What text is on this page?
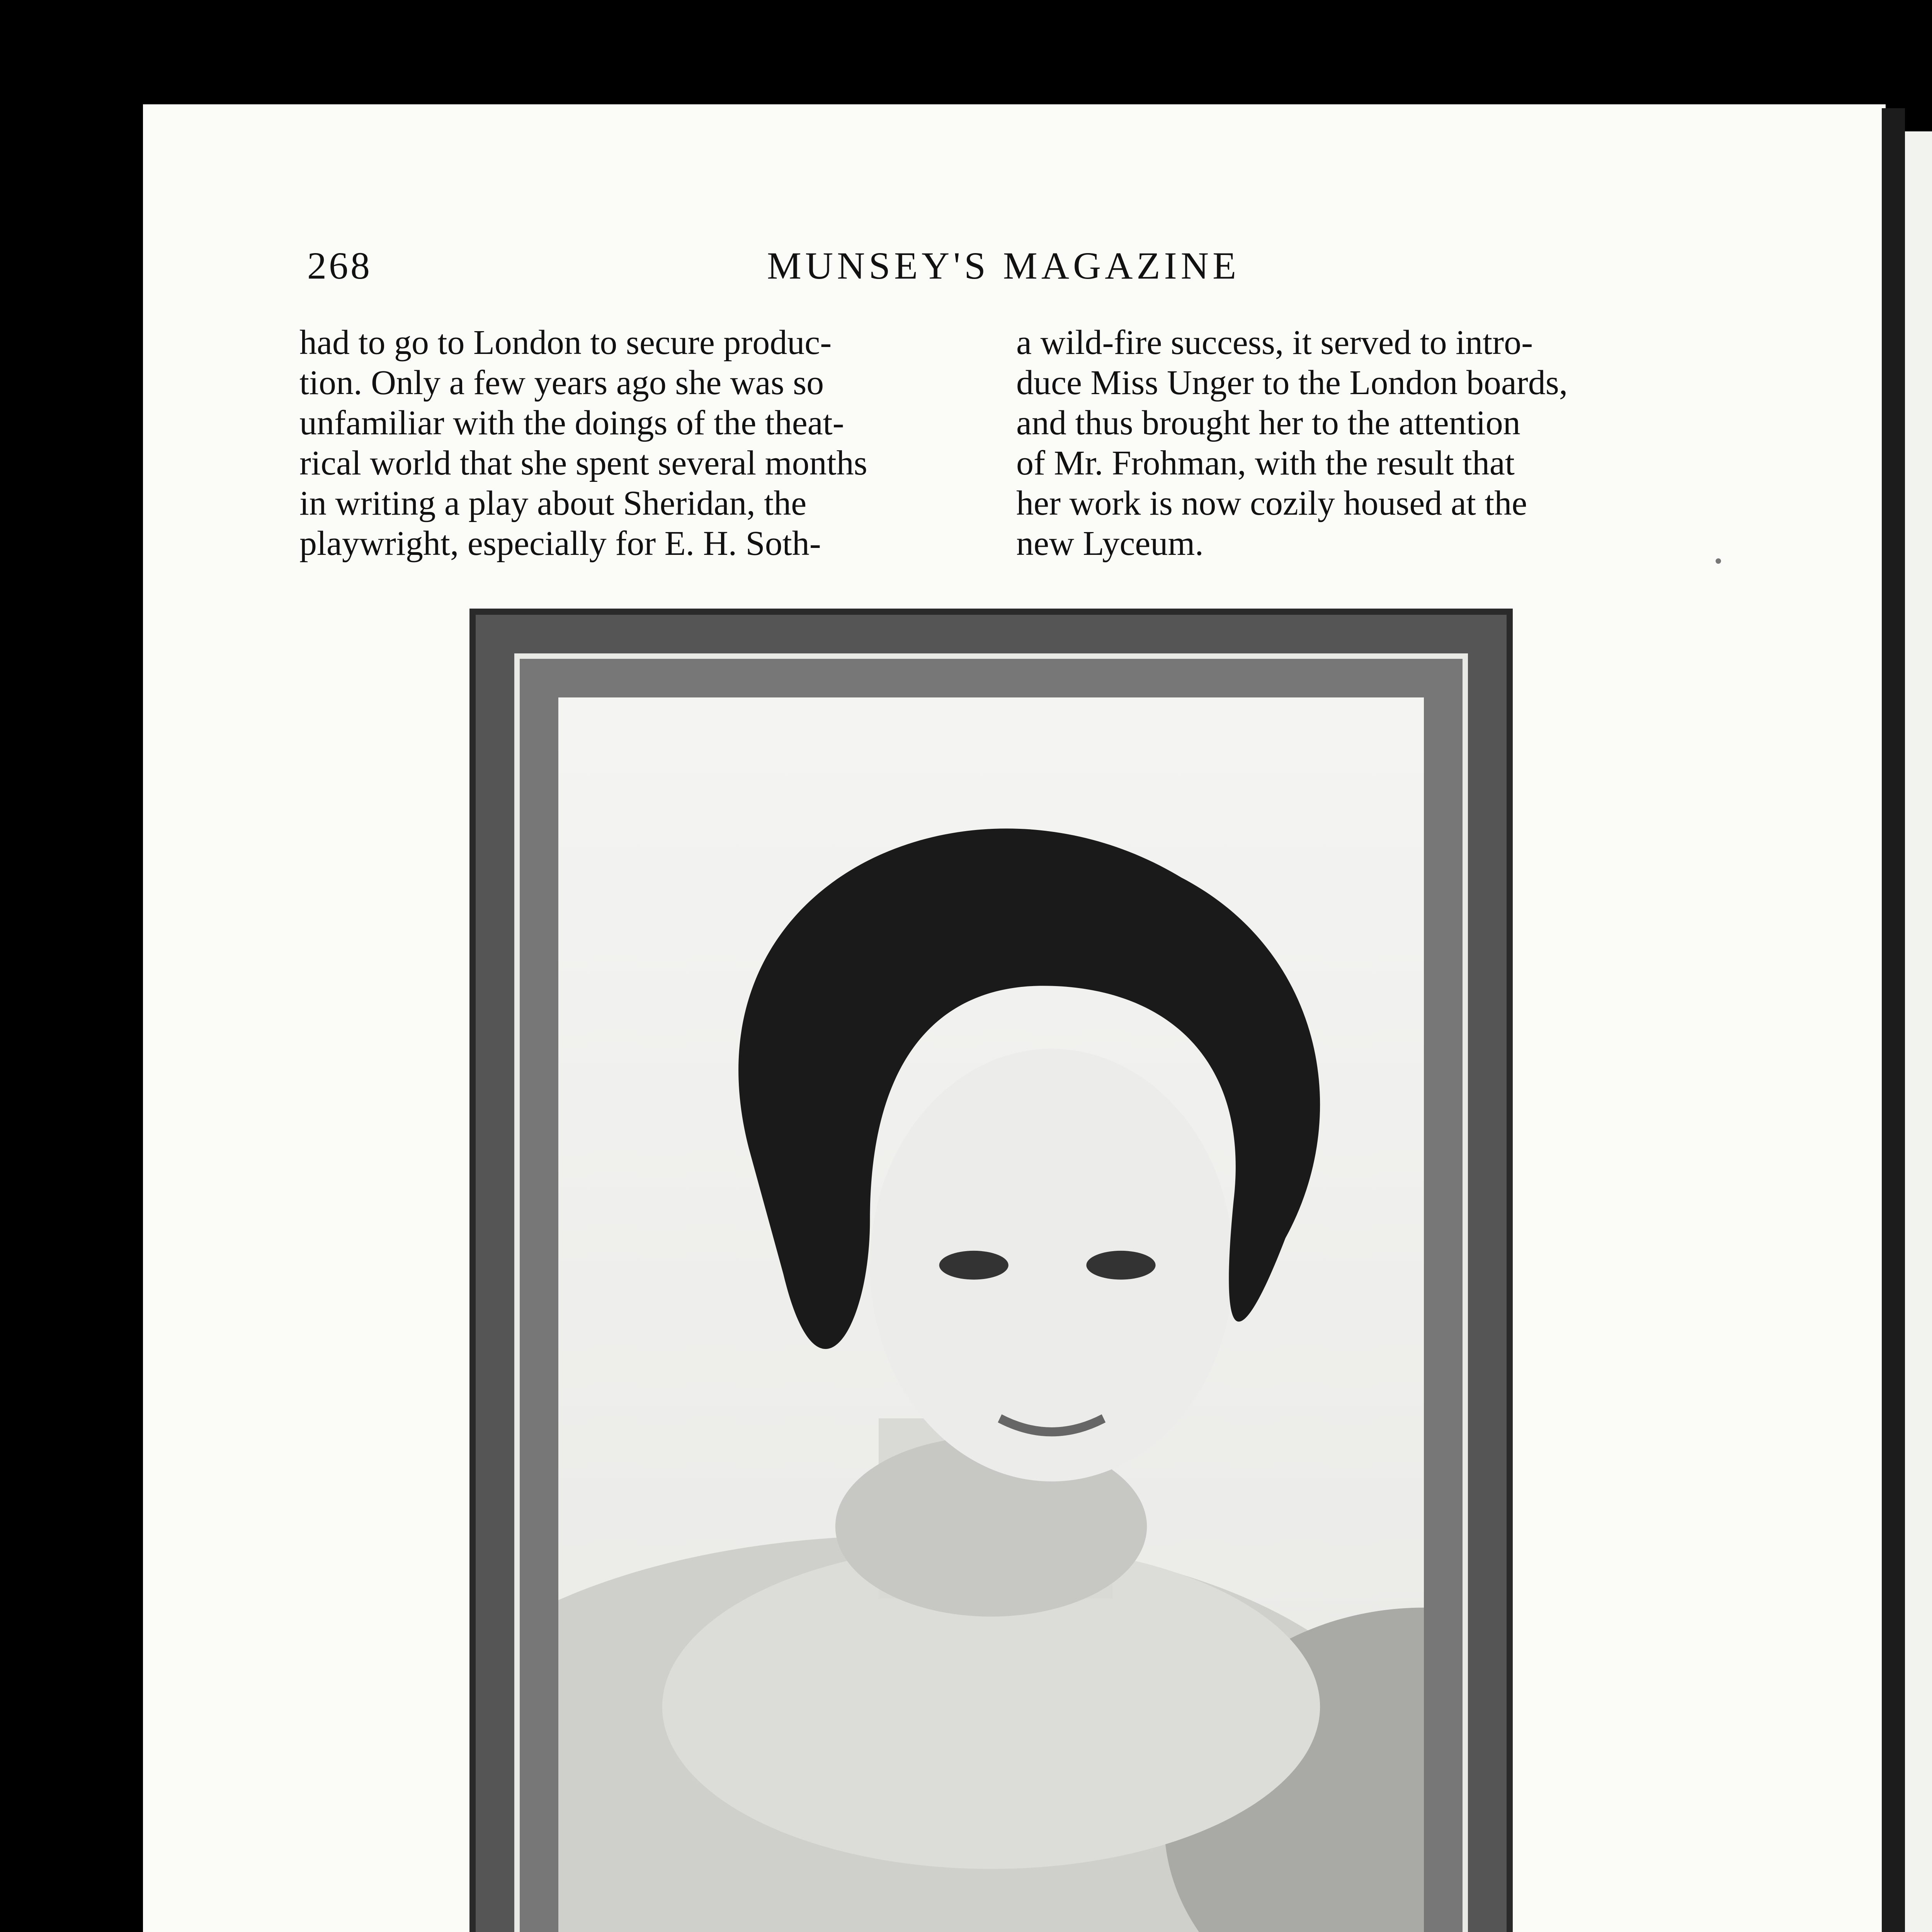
268	MUNSEY'S MAGAZINE

had to go to London to secure produc-

tion. Only a few years ago she was so

unfamiliar with the doings of the theat-

rical world that she spent several months

in writing a play about Sheridan, the

playwright, especially for E. H. Soth-

a wild-fire success, it served to intro-

duce Miss Unger to the London boards,

and thus brought her to the attention

of Mr. Frohman, with the result that

her work is now cozily housed at the

new Lyceum.
